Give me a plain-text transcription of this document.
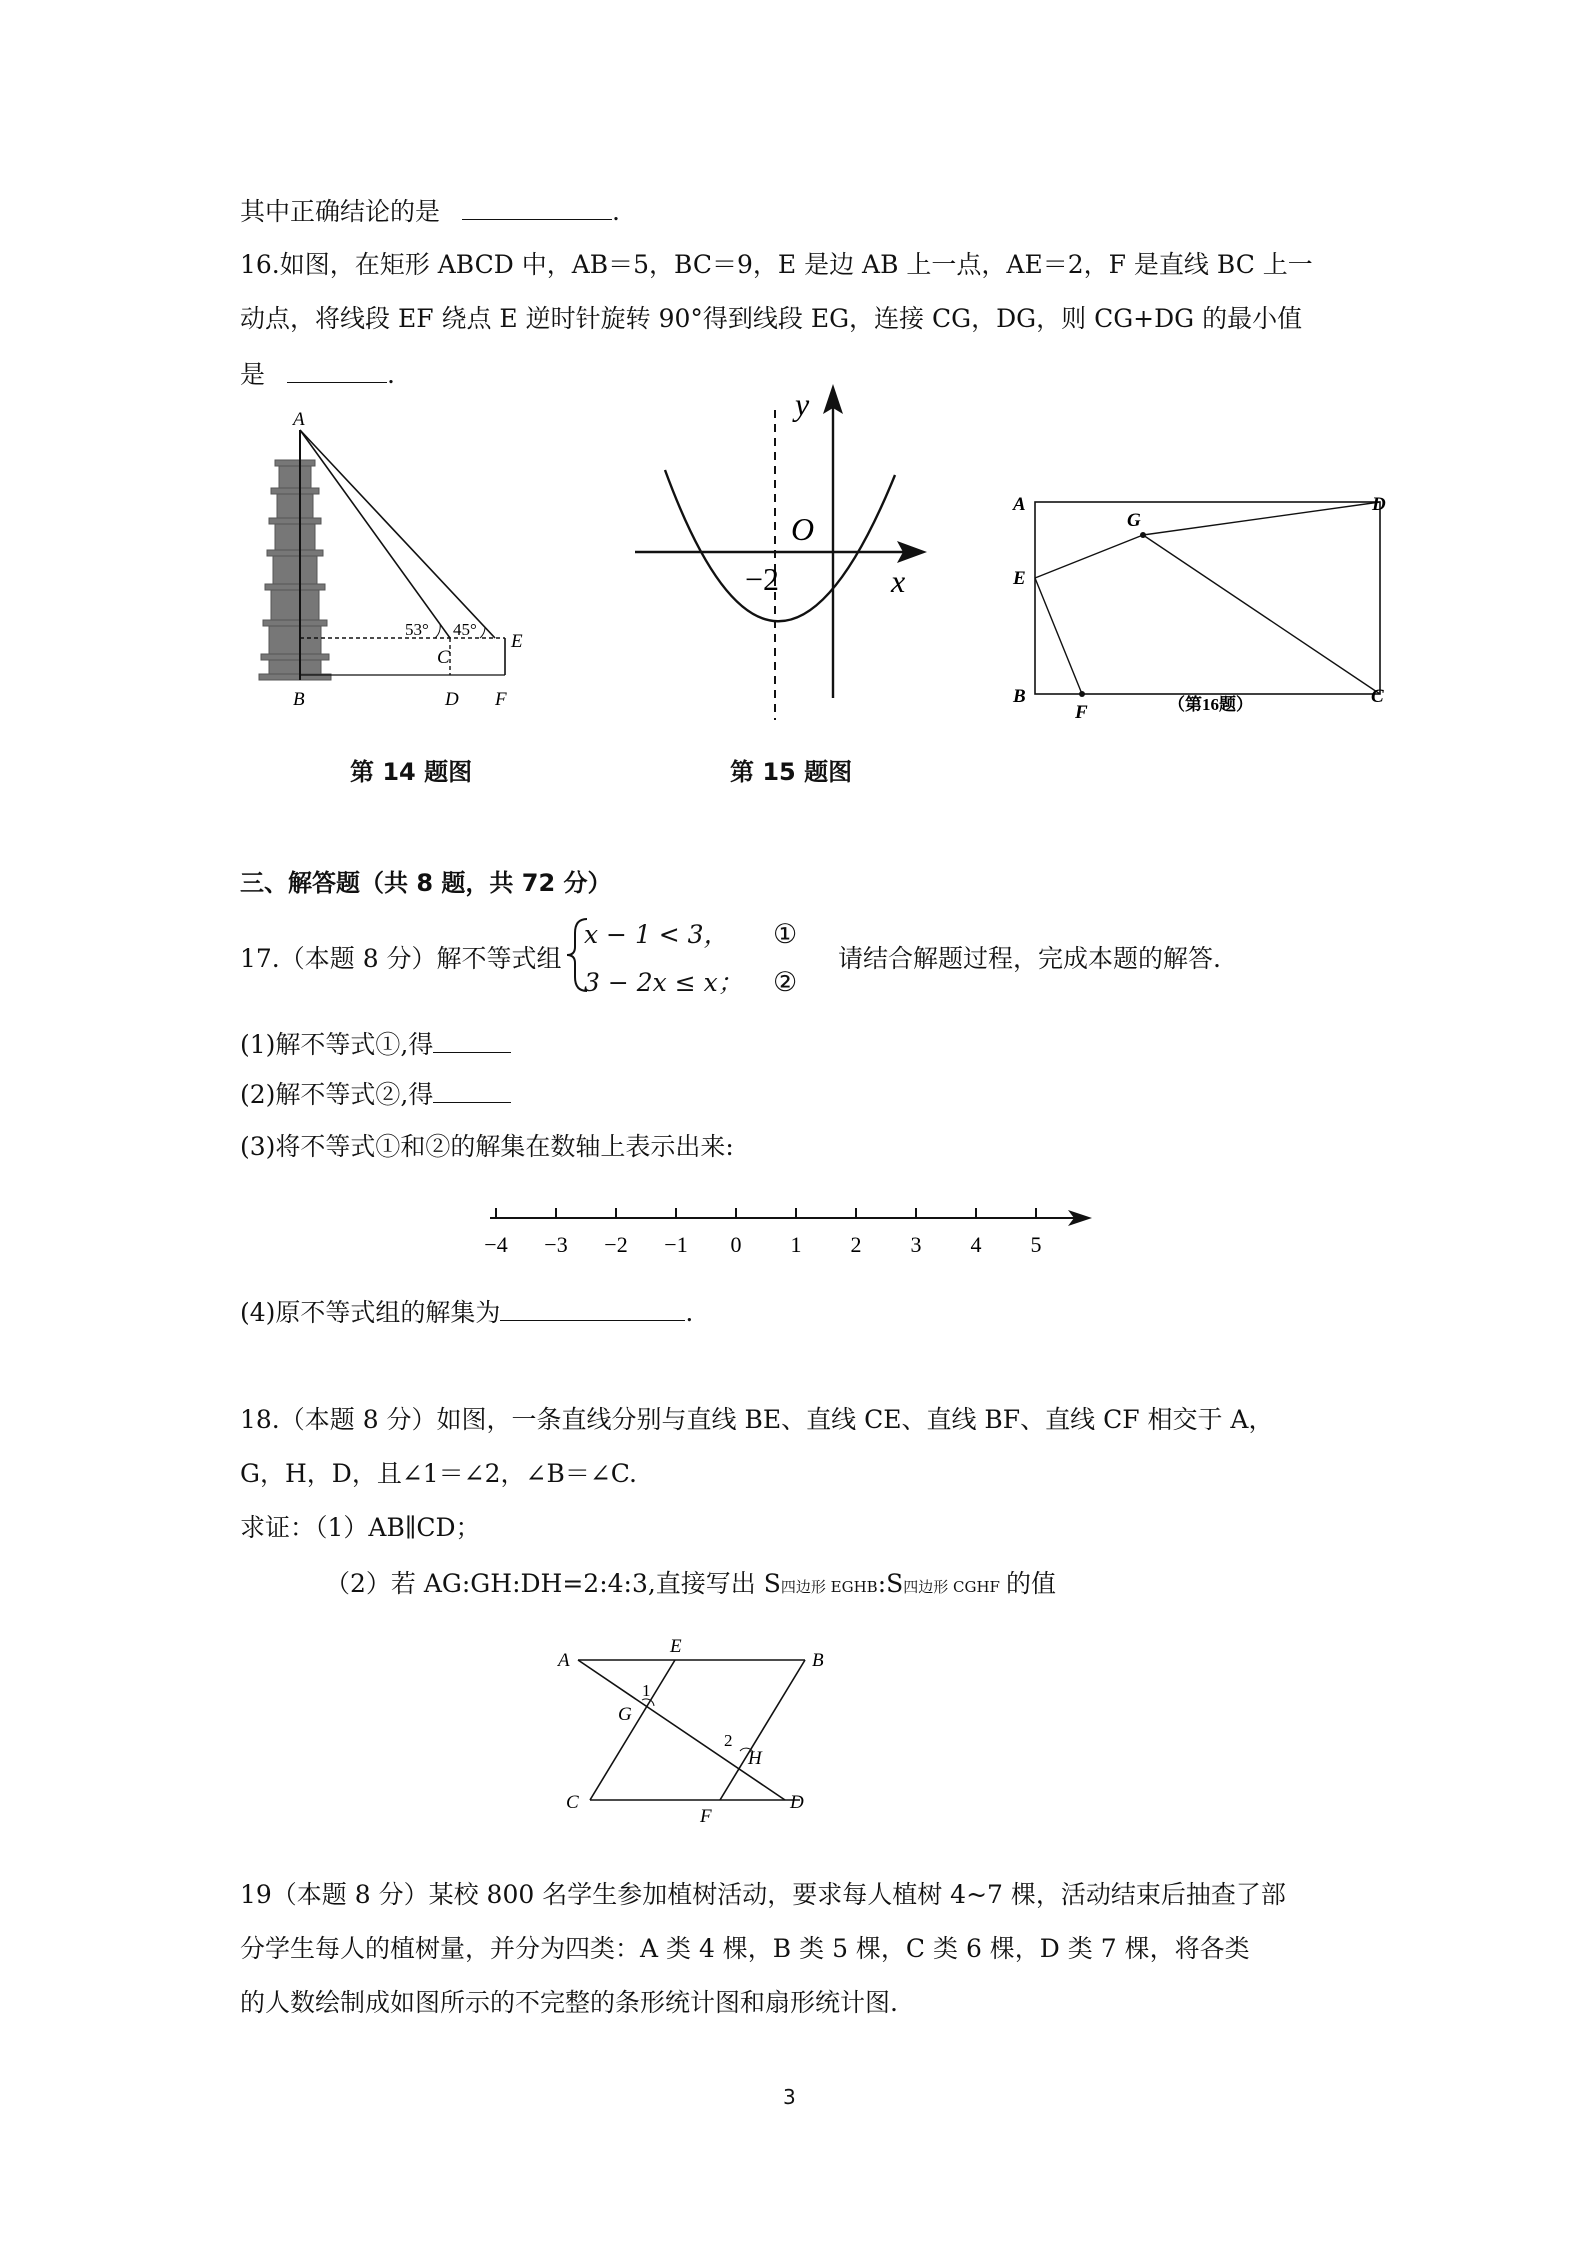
其中正确结论的是	.
16.如图，在矩形 ABCD 中，AB＝5，BC＝9，E 是边 AB 上一点，AE＝2，F 是直线 BC 上一
动点，将线段 EF 绕点 E 逆时针旋转 90°得到线段 EG，连接 CG，DG，则 CG+DG 的最小值
是	.
A
B
C
D
E
F
53° 45°
第 14 题图
y
x
O
−2
第 15 题图
A
B	C
D
E
F
G
（第16题）
三、解答题（共 8 题，共 72 分）
17.（本题 8 分）解不等式组
x − 1 < 3，
3 − 2x ≤ x；
①
②
请结合解题过程，完成本题的解答.
(1)解不等式①,得
(2)解不等式②,得
(3)将不等式①和②的解集在数轴上表示出来:
−4 −3 −2 −1 0 1 2 3 4 5
(4)原不等式组的解集为	.
18.（本题 8 分）如图，一条直线分别与直线 BE、直线 CE、直线 BF、直线 CF 相交于 A，
G，H，D，且∠1＝∠2，∠B＝∠C.
求证：（1）AB∥CD；
（2）若 AG:GH:DH=2:4:3,直接写出 S四边形 EGHB:S四边形 CGHF 的值
A	B
C	D
E
F
G
H
1
2
19（本题 8 分）某校 800 名学生参加植树活动，要求每人植树 4~7 棵，活动结束后抽查了部
分学生每人的植树量，并分为四类：A 类 4 棵，B 类 5 棵，C 类 6 棵，D 类 7 棵，将各类
的人数绘制成如图所示的不完整的条形统计图和扇形统计图.
3
